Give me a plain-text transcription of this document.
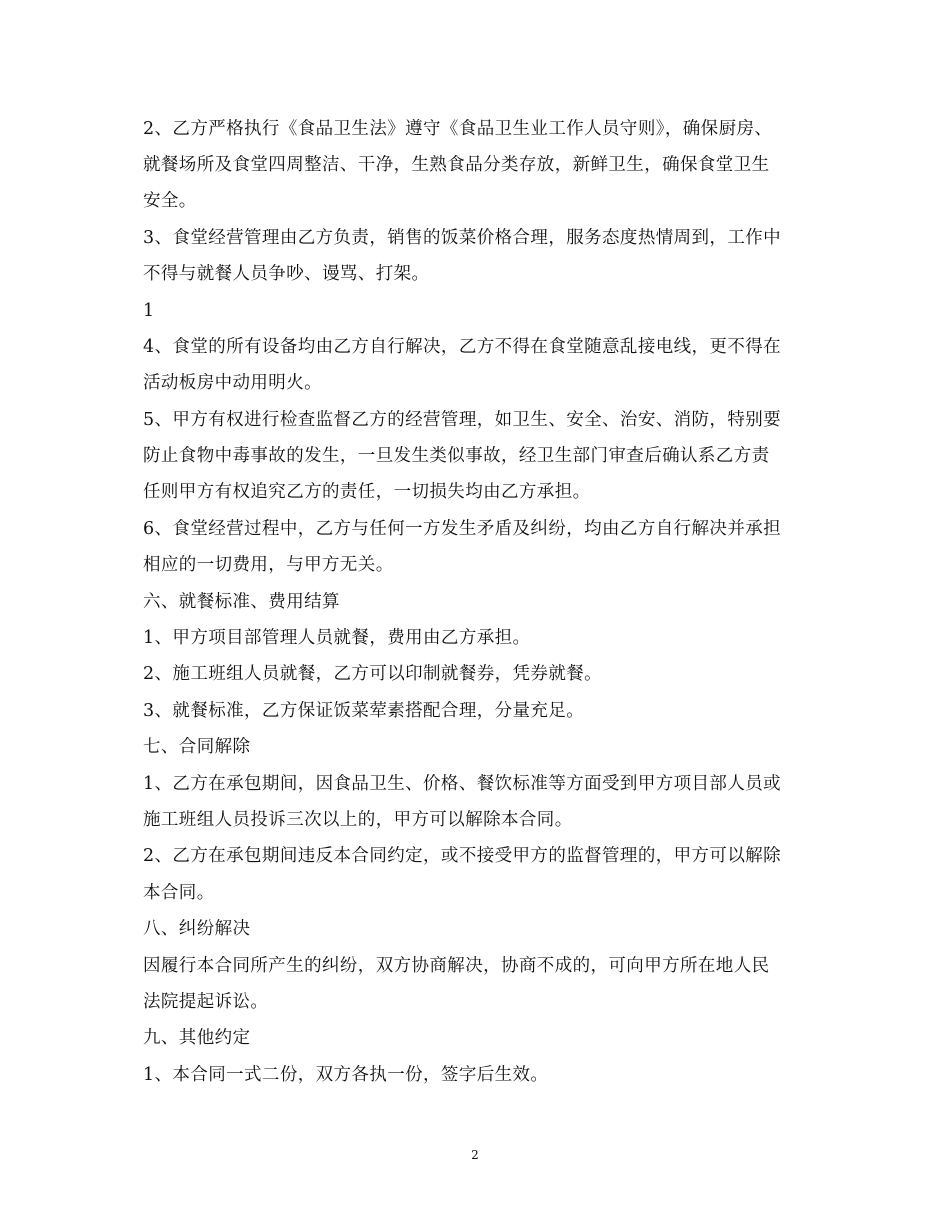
2、乙方严格执行《食品卫生法》遵守《食品卫生业工作人员守则》，确保厨房、
就餐场所及食堂四周整洁、干净，生熟食品分类存放，新鲜卫生，确保食堂卫生
安全。
3、食堂经营管理由乙方负责，销售的饭菜价格合理，服务态度热情周到，工作中
不得与就餐人员争吵、谩骂、打架。
1
4、食堂的所有设备均由乙方自行解决，乙方不得在食堂随意乱接电线，更不得在
活动板房中动用明火。
5、甲方有权进行检查监督乙方的经营管理，如卫生、安全、治安、消防，特别要
防止食物中毒事故的发生，一旦发生类似事故，经卫生部门审查后确认系乙方责
任则甲方有权追究乙方的责任，一切损失均由乙方承担。
6、食堂经营过程中，乙方与任何一方发生矛盾及纠纷，均由乙方自行解决并承担
相应的一切费用，与甲方无关。
六、就餐标准、费用结算
1、甲方项目部管理人员就餐，费用由乙方承担。
2、施工班组人员就餐，乙方可以印制就餐券，凭券就餐。
3、就餐标准，乙方保证饭菜荤素搭配合理，分量充足。
七、合同解除
1、乙方在承包期间，因食品卫生、价格、餐饮标准等方面受到甲方项目部人员或
施工班组人员投诉三次以上的，甲方可以解除本合同。
2、乙方在承包期间违反本合同约定，或不接受甲方的监督管理的，甲方可以解除
本合同。
八、纠纷解决
因履行本合同所产生的纠纷，双方协商解决，协商不成的，可向甲方所在地人民
法院提起诉讼。
九、其他约定
1、本合同一式二份，双方各执一份，签字后生效。
2
